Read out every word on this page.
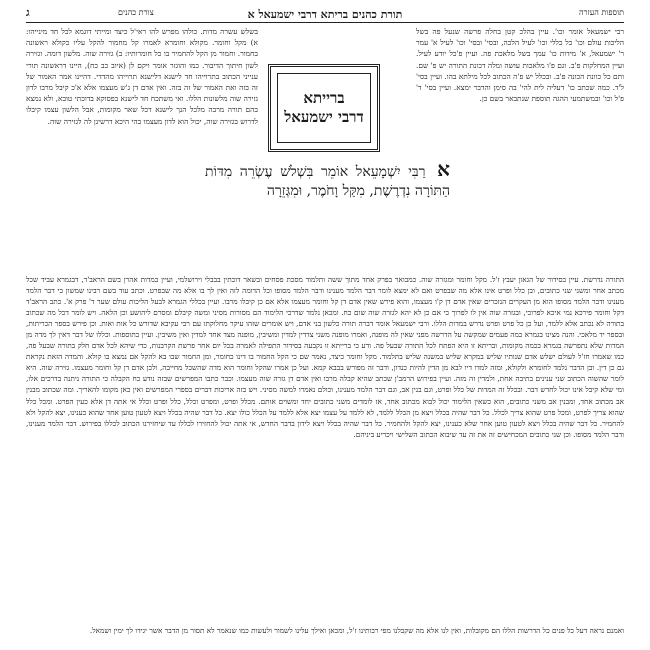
ג	צורת כהנים	תורת כהנים בריתא דרבי ישמעאל א	תוספות העזרה

רבי ישמעאל אומר וכו'. עיין בהלכ קטן בחלה פרשה שנעל פה בשל הליכות עולם וכו' כל כללי וכו' לעיל הלכה, ובסי' ובסי' וכו' לעיל א' עמר ר' ישמעאל, א' מידות כו' עמך בשל מלאכת פה. ועיין פ'כל יודע לעיל. ועיין המחלקות פ'ב. וגם פ'ו מלאכות עושה ומלה דכונת התורה יש פ' שם. ותם כל כוונת הכונה פ'ב. ובכלל יש פ'ה הכתוב לכל מילתא בהו. ועיין בסי' ל'ד. כמה שכתב כו' דעליה לית להי' בה סימן והדבר ימצא. ועיין בסי' ד' פ'ל וכו' ובמשתמעי ההגה תוספת שנתבאר בשם כן.

בשלש עשרה מדות. כולהו מפרש להו ראי'ל כיצד ומייתי דוגמא לכל חד מינייהו: א) מקל וחומר. מקולא וחומרא לאמרו קל מחמור להקל עליו כקולא ראשונה בחמור. וחמור מן הקל להחמיר בו כל חומרותיו: ב) גזירה שוה. מלשון דומה. וגזירה לשון חיתוך הדיבור. כמו והוגזר אומר ויקם לן (איוב כב כח), היינו דראשונה תורי ענייני הכתוב בתרוייהו חד לישנא דלישנא תרוייהו מהדדי. דהיינו אמר האמור של זה בזה ואת האמור של זה בזה. ואין אדם דן ג'ש מעצמו אלא א'כ קיבל מרבו לדון גזירה שוה מלשונות הללו. ואי משתכח חד לישנא בפסוקא בדוכתי טובא, ולא נמצא בהם תורה מרבה מלכל הנך לישנא דכל שאר מקומות, אבל הלשון עצמו קיבלו לדרוש בגזירה שוה, יכול הוא לדון מעצמו בהי היכא דרשינן לה לגזירה שוה.

ברייתא
דרבי ישמעאל
א רַבִּי יִשְׁמָעֵאל אוֹמֵר בִּשְׁלשׁ עֶשְׂרֵה מִדּוֹת הַתּוֹרָה נִדְרֶשֶׁת, מִקַּל וָחֹמֶר, וּמִגְּזֵרָה

התורה נדרשת. עיין בסידור של הגאון יעבץ ז'ל. מקל וחומר ומגזרה שוה. כמבואר בפרק אחד מתוך ששה ותלמוד מסכת פסחים ובשאר דוכתין בבבלי וירושלמי, ועיין במדות אהרן בשם הראב'ד, דבגמרא עביד שכל מכתב אחר ומשני שני כתובים, ובן כלל ופרט אינו אלא מה שבפרט ואם לא ימצא לומר דבר הלמד מענינו ודבר הלמד מסופו וכל הדומה לזה ואין לך בו אלא מה שבפרט. וכתב עוד בשם רבינו שמשון כי דבר הלמד מענינו ודבר הלמד מסופו הוא מן העקרים הנזכרים שאין אדם דן ק'ו מעצמו, והוא פירש שאין אדם דן קל וחומר מעצמו אלא אם כן קיבלו מרבו. ועיין בכללי הגמרא לבעל הליכות עולם שער ד' פרק א'. כתב הראב'ד דקל וחומר פירכא נמי איכא לפרוכי, ובגזרה שוה אין לו לפרוך כי אם כן לא יהא לגזרה שוה שום כח. ומכאן נלמד שדרכי הלימוד הם מסורות מסיני ומשה קיבלם ומסרם ליהושע וכן הלאה. ויש לומר דכל מה שכתוב בתורה לא נכתב אלא ללמד, ועל כן כל פרט ופרט נדרש במדות הללו. ורבי ישמעאל אומר דברה תורה כלשון בני אדם, ויש אומרים שזהו עיקר מחלוקתו עם רבי עקיבא שדורש כל אות ואות. וכן פירש בספר הכריתות, ובספר יד מלאכי. והנה מצינו בגמרא כמה פעמים שמקשה על הדרשה מפני שאין לה מופנה, ואמרו מופנה משני צדדין למדין ומשיבין, מופנה מצד אחד למדין ואין משיבין. ועיין בתוספות. וכללו של דבר דאין לך מדה מן המדות שלא נתפרשה בגמרא בכמה מקומות, ובריתא זו היא הפתח לכל התורה שבעל פה. ודע כי ברייתא זו נקבעה בסידור התפילה לאמרה בכל יום אחר פרשת הקרבנות, כדי שיהא לכל אדם חלק בתורה שבעל פה, כמו שאמרו חז'ל לעולם ישלש אדם שנותיו שליש במקרא שליש במשנה שליש בתלמוד. מקל וחומר כיצד, נאמר שם כי הקל החמור בו דינו כחומר, ומן החמור שבו בא להקל אם נמצא בו קולא. והמדה הזאת נקראת גם כן דין. ובן הדבר נלמד לחומרא ולקולא, ומזה למדו דיו לבא מן הדין להיות כנדון, ודבר זה מפורש בבבא קמא. ועל כן אמרו שהקל וחומר הוא מדה שהשכל מחייבה, ולכן אדם דן קל וחומר מעצמו. גזירה שוה. היא לומר שהשוה הכתוב שני ענינים בתיבה אחת, ולמדין זה מזה. ועיין בפירוש הרמב'ן שכתב שהיא קבלה מרבו ואין אדם דן גזרה שוה מעצמו. וכבר כתבו המפרשים שבזה נודע כח הקבלה כי התורה ניתנה בדרכים אלו, ומי שלא קיבל אינו יכול לחדש דבר. ובכלל זה המדות של כלל ופרט, וגם בנין אב, וגם דבר הלמד מענינו, וכולם נאמרו למשה מסיני. ויש בזה אריכות דברים בספרי המפרשים ואין כאן מקומו להאריך. ומה שכתוב מבנין אב מכתוב אחד, ומבנין אב משני כתובים, הוא כשאין הלימוד יכול לבוא מכתוב אחד, אז לומדים משני כתובים יחד ומשוים אותם. מכלל ופרט, ומפרט וכלל, כלל ופרט וכלל אי אתה דן אלא כעין הפרט. ומכל כלל שהוא צריך לפרט, ומכל פרט שהוא צריך לכלל. כל דבר שהיה בכלל ויצא מן הכלל ללמד, לא ללמד על עצמו יצא אלא ללמד על הכלל כולו יצא. כל דבר שהיה בכלל ויצא לטעון טוען אחד שהוא כענינו, יצא להקל ולא להחמיר. כל דבר שהיה בכלל ויצא לטעון טוען אחר שלא כענינו, יצא להקל ולהחמיר. כל דבר שהיה בכלל ויצא לידון בדבר החדש, אי אתה יכול להחזירו לכללו עד שיחזירנו הכתוב לכללו בפירוש. דבר הלמד מענינו, ודבר הלמד מסופו. וכן שני כתובים המכחישים זה את זה עד שיבוא הכתוב השלישי ויכריע ביניהם.

ואמנם נראה דעל כל פנים כל הדרשות הללו הם מקובלות, ואין לנו אלא מה שקבלנו מפי רבותינו ז'ל, ומכאן ואילך עלינו לשמור ולעשות כמו שנאמר לא תסור מן הדבר אשר יגידו לך ימין ושמאל.
